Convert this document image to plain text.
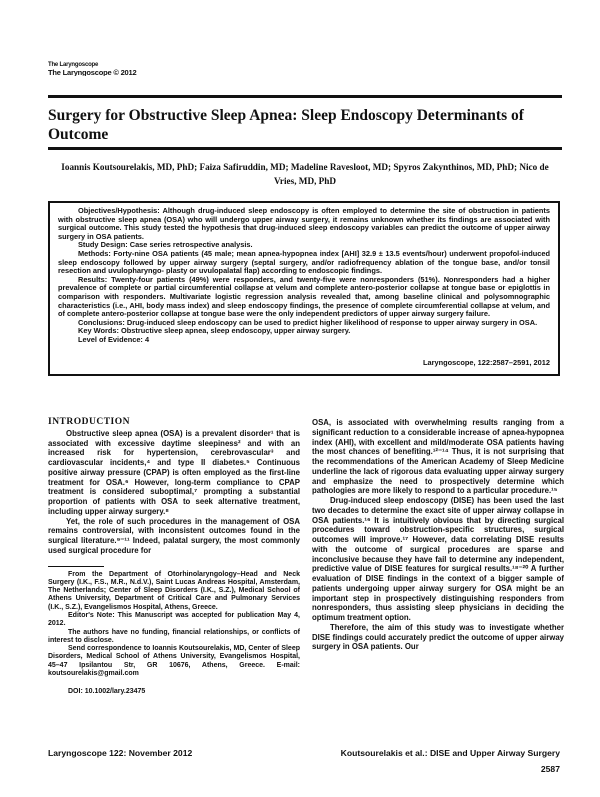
The Laryngoscope
The Laryngoscope © 2012
Surgery for Obstructive Sleep Apnea: Sleep Endoscopy Determinants of Outcome
Ioannis Koutsourelakis, MD, PhD; Faiza Safiruddin, MD; Madeline Ravesloot, MD; Spyros Zakynthinos, MD, PhD; Nico de Vries, MD, PhD

Objectives/Hypothesis: Although drug-induced sleep endoscopy is often employed to determine the site of obstruction in patients with obstructive sleep apnea (OSA) who will undergo upper airway surgery, it remains unknown whether its findings are associated with surgical outcome. This study tested the hypothesis that drug-induced sleep endoscopy variables can predict the outcome of upper airway surgery in OSA patients.

Study Design: Case series retrospective analysis.

Methods: Forty-nine OSA patients (45 male; mean apnea-hypopnea index [AHI] 32.9 ± 13.5 events/hour) underwent propofol-induced sleep endoscopy followed by upper airway surgery (septal surgery, and/or radiofrequency ablation of the tongue base, and/or tonsil resection and uvulopharyngo- plasty or uvulopalatal flap) according to endoscopic findings.

Results: Twenty-four patients (49%) were responders, and twenty-five were nonresponders (51%). Nonresponders had a higher prevalence of complete or partial circumferential collapse at velum and complete antero-posterior collapse at tongue base or epiglottis in comparison with responders. Multivariate logistic regression analysis revealed that, among baseline clinical and polysomnographic characteristics (i.e., AHI, body mass index) and sleep endoscopy findings, the presence of complete circumferential collapse at velum, and of complete antero-posterior collapse at tongue base were the only independent predictors of upper airway surgery failure.

Conclusions: Drug-induced sleep endoscopy can be used to predict higher likelihood of response to upper airway surgery in OSA.

Key Words: Obstructive sleep apnea, sleep endoscopy, upper airway surgery.

Level of Evidence: 4

Laryngoscope, 122:2587–2591, 2012

INTRODUCTION

Obstructive sleep apnea (OSA) is a prevalent disorder¹ that is associated with excessive daytime sleepiness² and with an increased risk for hypertension, cerebrovascular³ and cardiovascular incidents,⁴ and type II diabetes.⁵ Continuous positive airway pressure (CPAP) is often employed as the first-line treatment for OSA.⁶ However, long-term compliance to CPAP treatment is considered suboptimal,⁷ prompting a substantial proportion of patients with OSA to seek alternative treatment, including upper airway surgery.⁸

Yet, the role of such procedures in the management of OSA remains controversial, with inconsistent outcomes found in the surgical literature.⁹⁻¹¹ Indeed, palatal surgery, the most commonly used surgical procedure for

From the Department of Otorhinolaryngology–Head and Neck Surgery (I.K., F.S., M.R., N.d.V.), Saint Lucas Andreas Hospital, Amsterdam, The Netherlands; Center of Sleep Disorders (I.K., S.Z.), Medical School of Athens University, Department of Critical Care and Pulmonary Services (I.K., S.Z.), Evangelismos Hospital, Athens, Greece.

Editor's Note: This Manuscript was accepted for publication May 4, 2012.

The authors have no funding, financial relationships, or conflicts of interest to disclose.

Send correspondence to Ioannis Koutsourelakis, MD, Center of Sleep Disorders, Medical School of Athens University, Evangelismos Hospital, 45–47 Ipsilantou Str, GR 10676, Athens, Greece. E-mail: koutsourelakis@gmail.com

DOI: 10.1002/lary.23475

OSA, is associated with overwhelming results ranging from a significant reduction to a considerable increase of apnea-hypopnea index (AHI), with excellent and mild/moderate OSA patients having the most chances of benefiting.¹²⁻¹⁴ Thus, it is not surprising that the recommendations of the American Academy of Sleep Medicine underline the lack of rigorous data evaluating upper airway surgery and emphasize the need to prospectively determine which pathologies are more likely to respond to a particular procedure.¹⁵

Drug-induced sleep endoscopy (DISE) has been used the last two decades to determine the exact site of upper airway collapse in OSA patients.¹⁶ It is intuitively obvious that by directing surgical procedures toward obstruction-specific structures, surgical outcomes will improve.¹⁷ However, data correlating DISE results with the outcome of surgical procedures are sparse and inconclusive because they have fail to determine any independent, predictive value of DISE features for surgical results.¹⁸⁻²⁰ A further evaluation of DISE findings in the context of a bigger sample of patients undergoing upper airway surgery for OSA might be an important step in prospectively distinguishing responders from nonresponders, thus assisting sleep physicians in deciding the optimum treatment option.

Therefore, the aim of this study was to investigate whether DISE findings could accurately predict the outcome of upper airway surgery in OSA patients. Our

Laryngoscope 122: November 2012	Koutsourelakis et al.: DISE and Upper Airway Surgery
2587
